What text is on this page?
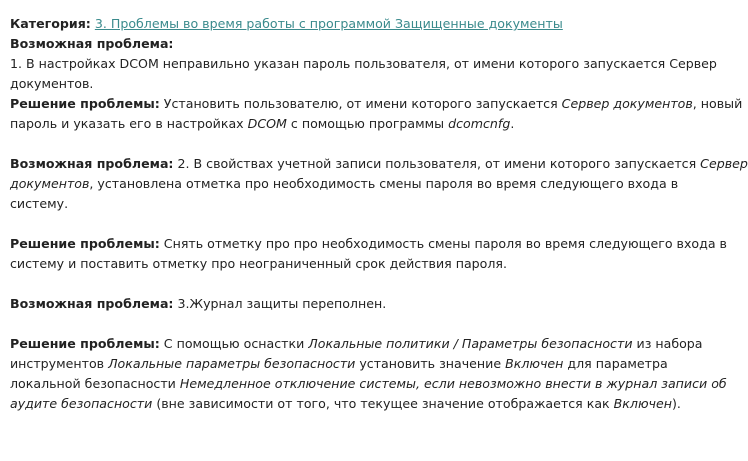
Категория: 3. Проблемы во время работы с программой Защищенные документы
Возможная проблема:
1. В настройках DCOM неправильно указан пароль пользователя, от имени которого запускается Сервер
документов.
Решение проблемы: Установить пользователю, от имени которого запускается Сервер документов, новый
пароль и указать его в настройках DCOM с помощью программы dcomcnfg.
Возможная проблема: 2. В свойствах учетной записи пользователя, от имени которого запускается Сервер
документов, установлена отметка про необходимость смены пароля во время следующего входа в
систему.
Решение проблемы: Снять отметку про про необходимость смены пароля во время следующего входа в
систему и поставить отметку про неограниченный срок действия пароля.
Возможная проблема: 3.Журнал защиты переполнен.
Решение проблемы: С помощью оснастки Локальные политики / Параметры безопасности из набора
инструментов Локальные параметры безопасности установить значение Включен для параметра
локальной безопасности Немедленное отключение системы, если невозможно внести в журнал записи об
аудите безопасности (вне зависимости от того, что текущее значение отображается как Включен).
